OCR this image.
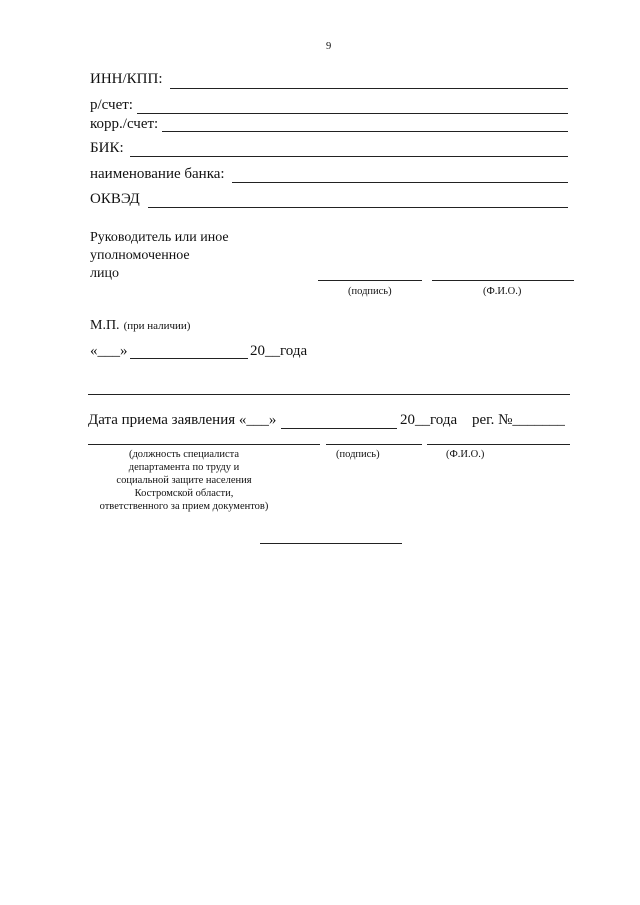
9
ИНН/КПП:
р/счет:
корр./счет:
БИК:
наименование банка:
ОКВЭД
Руководитель или иное
уполномоченное
лицо
(подпись)	(Ф.И.О.)
М.П. (при наличии)
«___»	20__года
Дата приема заявления «___»	20__года рег. №_______
(должность специалиста
департамента по труду и
социальной защите населения
Костромской области,
ответственного за прием документов)
(подпись)	(Ф.И.О.)
